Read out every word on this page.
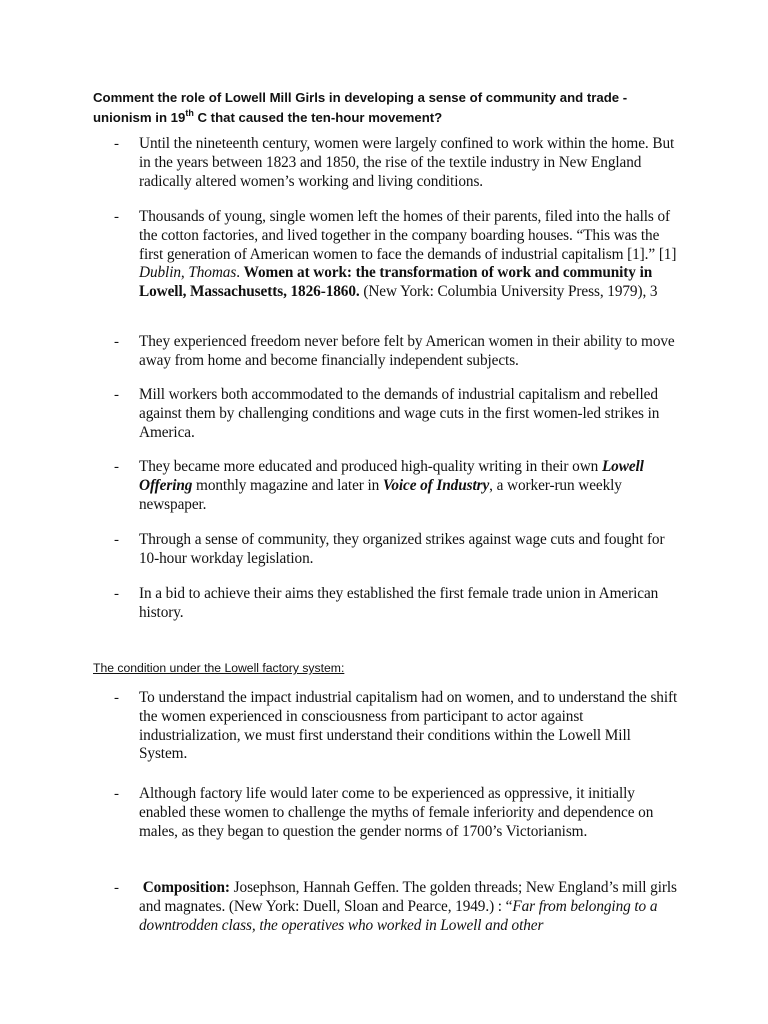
Comment the role of Lowell Mill Girls in developing a sense of community and trade -
unionism in 19th C that caused the ten-hour movement?
- Until the nineteenth century, women were largely confined to work within the home. But in the years between 1823 and 1850, the rise of the textile industry in New England radically altered women’s working and living conditions.
- Thousands of young, single women left the homes of their parents, filed into the halls of the cotton factories, and lived together in the company boarding houses. “This was the first generation of American women to face the demands of industrial capitalism [1].” [1] Dublin, Thomas. Women at work: the transformation of work and community in Lowell, Massachusetts, 1826-1860. (New York: Columbia University Press, 1979), 3
- They experienced freedom never before felt by American women in their ability to move away from home and become financially independent subjects.
- Mill workers both accommodated to the demands of industrial capitalism and rebelled against them by challenging conditions and wage cuts in the first women-led strikes in America.
- They became more educated and produced high-quality writing in their own Lowell Offering monthly magazine and later in Voice of Industry, a worker-run weekly newspaper.
- Through a sense of community, they organized strikes against wage cuts and fought for 10-hour workday legislation.
- In a bid to achieve their aims they established the first female trade union in American history.
The condition under the Lowell factory system:
- To understand the impact industrial capitalism had on women, and to understand the shift the women experienced in consciousness from participant to actor against industrialization, we must first understand their conditions within the Lowell Mill System.
- Although factory life would later come to be experienced as oppressive, it initially enabled these women to challenge the myths of female inferiority and dependence on males, as they began to question the gender norms of 1700’s Victorianism.
- Composition: Josephson, Hannah Geffen. The golden threads; New England’s mill girls and magnates. (New York: Duell, Sloan and Pearce, 1949.) : “Far from belonging to a downtrodden class, the operatives who worked in Lowell and other
